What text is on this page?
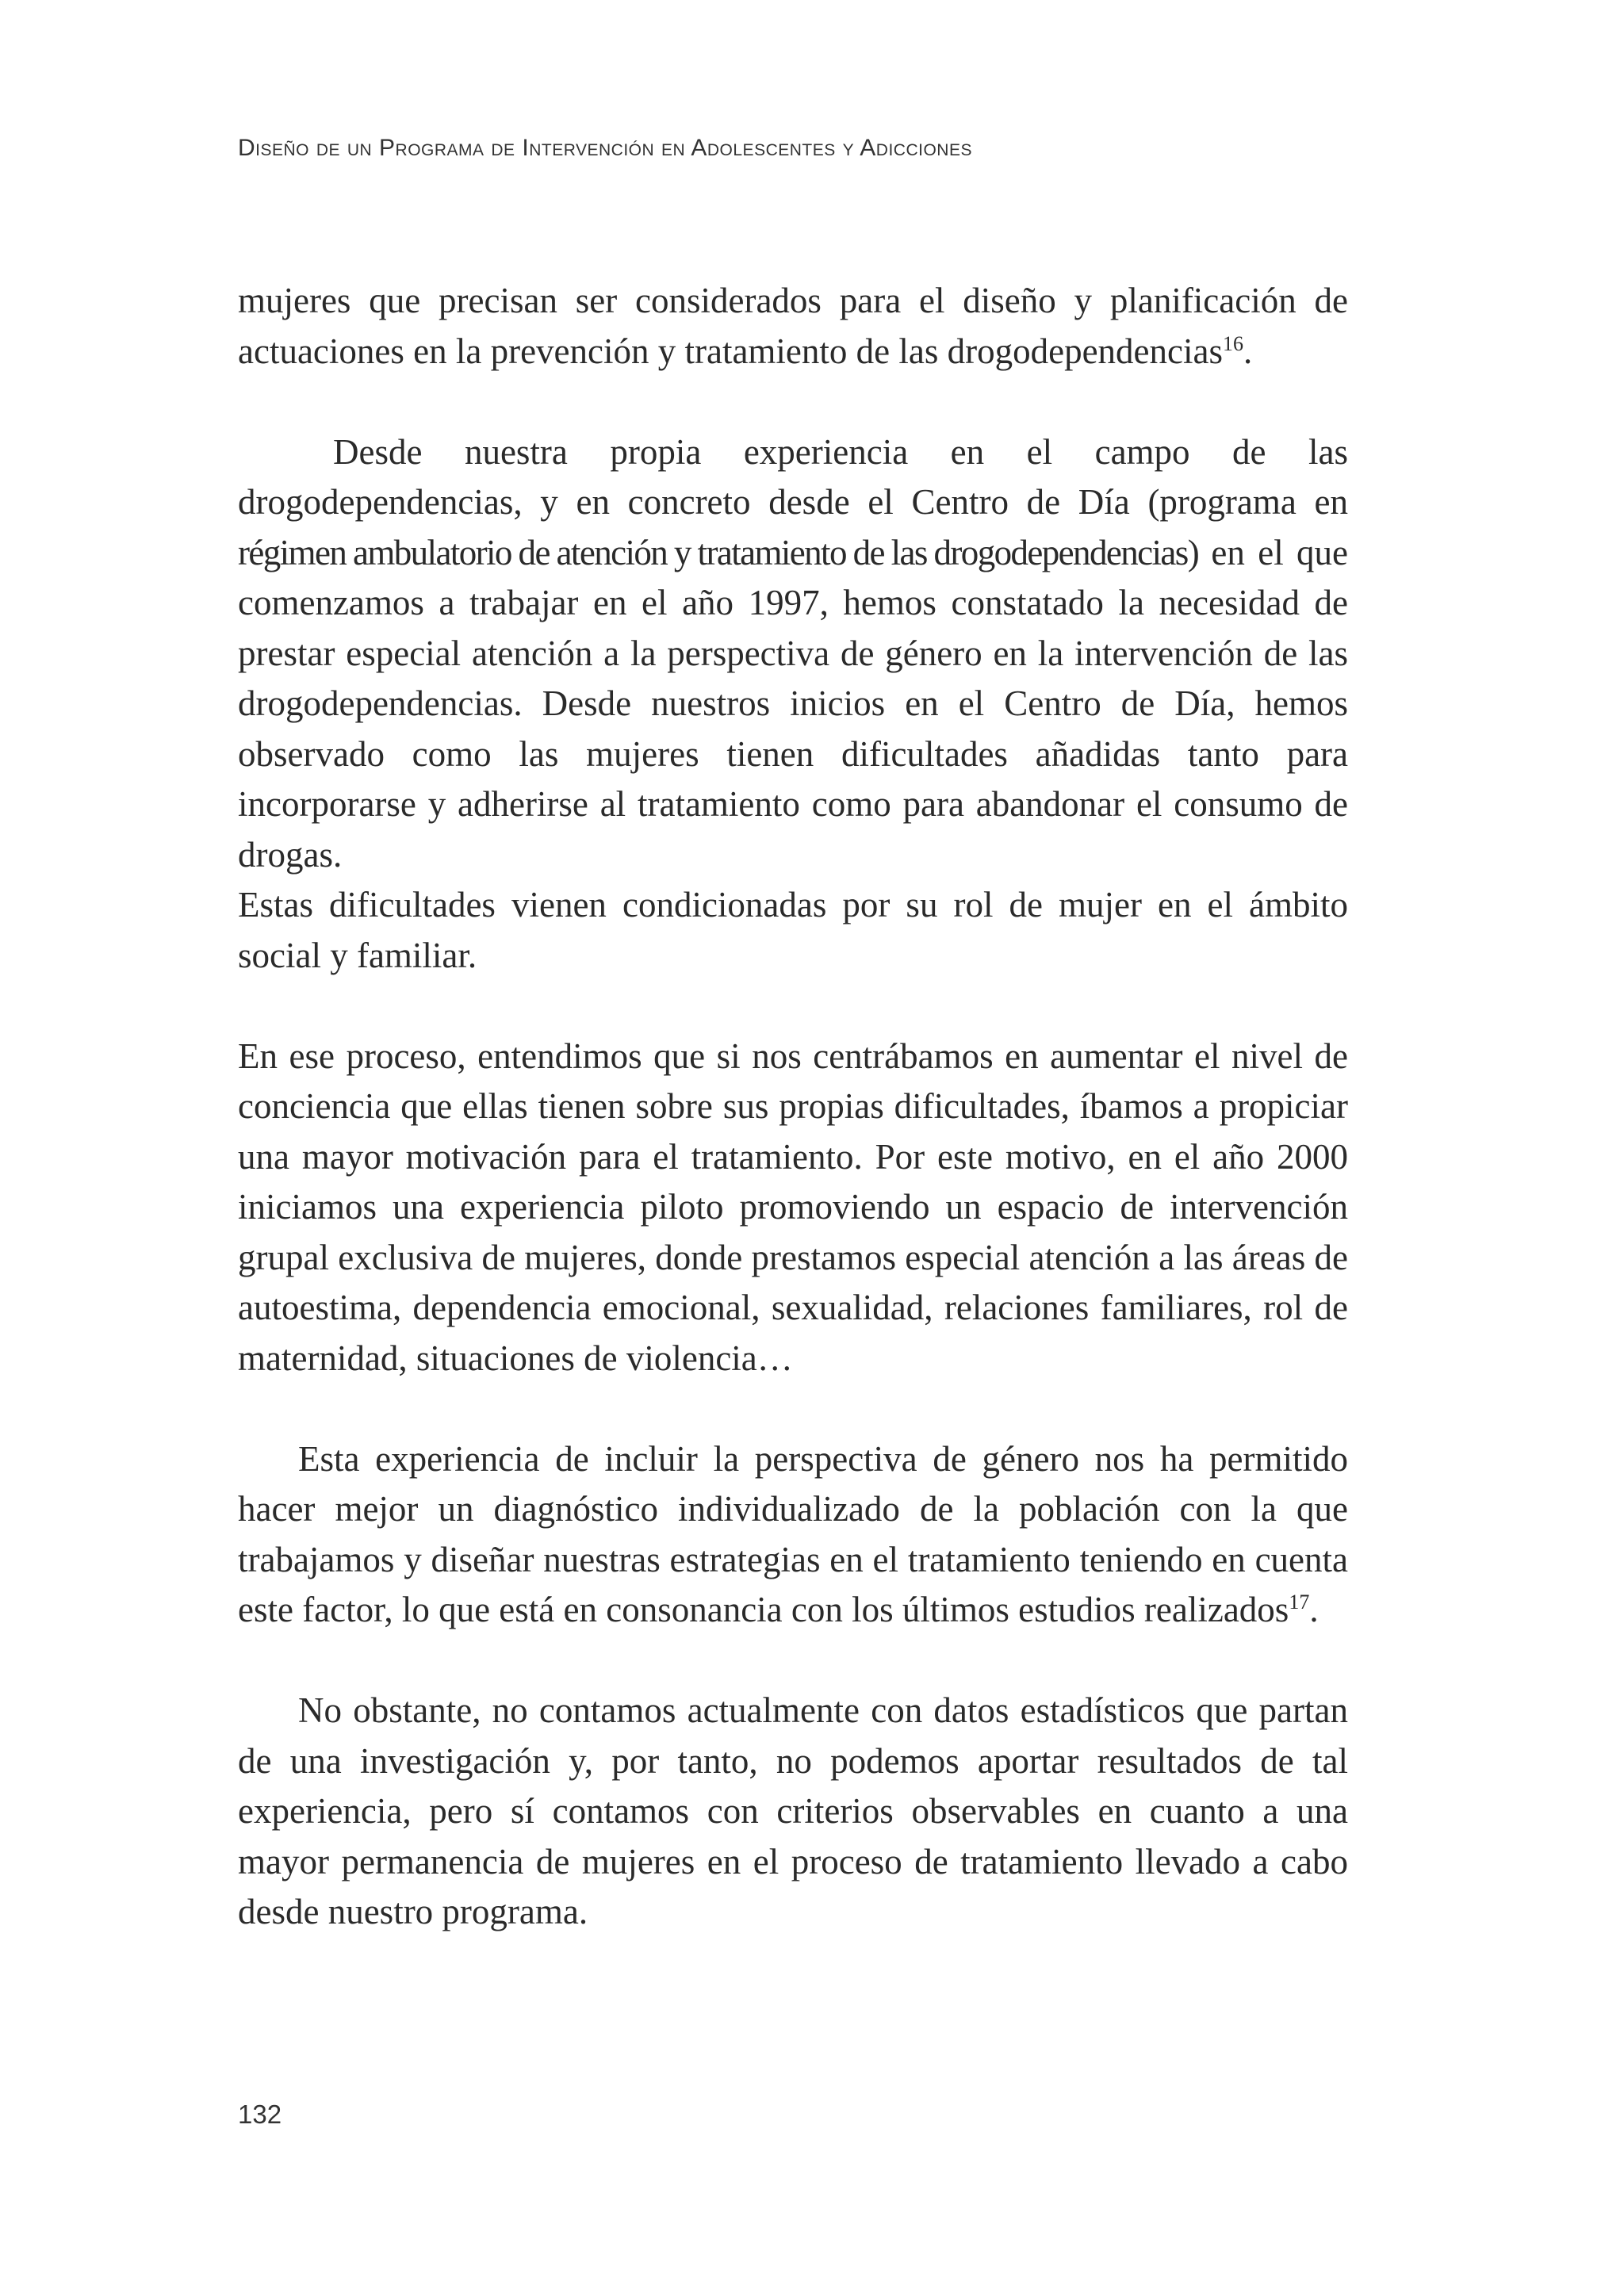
Diseño de un Programa de Intervención en Adolescentes y Adicciones

mujeres que precisan ser considerados para el diseño y planificación de actuaciones en la prevención y tratamiento de las drogodependencias$^{16}$.

Desde nuestra propia experiencia en el campo de las drogodependencias, y en concreto desde el Centro de Día (programa en régimen ambulatorio de atención y tratamiento de las drogodependencias) en el que comenzamos a trabajar en el año 1997, hemos constatado la necesidad de prestar especial atención a la perspectiva de género en la intervención de las drogodependencias. Desde nuestros inicios en el Centro de Día, hemos observado como las mujeres tienen dificultades añadidas tanto para incorporarse y adherirse al tratamiento como para abandonar el consumo de drogas.

Estas dificultades vienen condicionadas por su rol de mujer en el ámbito social y familiar.

En ese proceso, entendimos que si nos centrábamos en aumentar el nivel de conciencia que ellas tienen sobre sus propias dificultades, íbamos a propiciar una mayor motivación para el tratamiento. Por este motivo, en el año 2000 iniciamos una experiencia piloto promoviendo un espacio de intervención grupal exclusiva de mujeres, donde prestamos especial atención a las áreas de autoestima, dependencia emocional, sexualidad, relaciones familiares, rol de maternidad, situaciones de violencia…

Esta experiencia de incluir la perspectiva de género nos ha permitido hacer mejor un diagnóstico individualizado de la población con la que trabajamos y diseñar nuestras estrategias en el tratamiento teniendo en cuenta este factor, lo que está en consonancia con los últimos estudios realizados$^{17}$.

No obstante, no contamos actualmente con datos estadísticos que partan de una investigación y, por tanto, no podemos aportar resultados de tal experiencia, pero sí contamos con criterios observables en cuanto a una mayor permanencia de mujeres en el proceso de tratamiento llevado a cabo desde nuestro programa.

132
